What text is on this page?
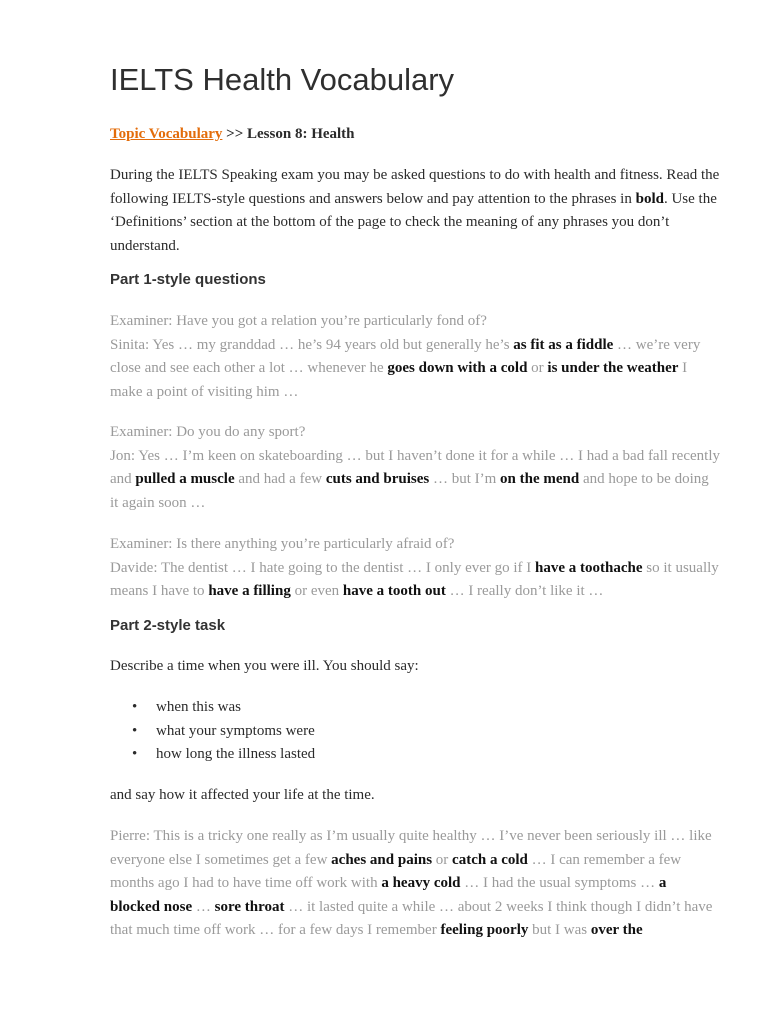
IELTS Health Vocabulary
Topic Vocabulary >> Lesson 8: Health

During the IELTS Speaking exam you may be asked questions to do with health and fitness. Read the following IELTS-style questions and answers below and pay attention to the phrases in bold. Use the ‘Definitions’ section at the bottom of the page to check the meaning of any phrases you don’t understand.

Part 1-style questions

Examiner: Have you got a relation you’re particularly fond of?
Sinita: Yes … my granddad … he’s 94 years old but generally he’s as fit as a fiddle … we’re very close and see each other a lot … whenever he goes down with a cold or is under the weather I make a point of visiting him …

Examiner: Do you do any sport?
Jon: Yes … I’m keen on skateboarding … but I haven’t done it for a while … I had a bad fall recently and pulled a muscle and had a few cuts and bruises … but I’m on the mend and hope to be doing it again soon …

Examiner: Is there anything you’re particularly afraid of?
Davide: The dentist … I hate going to the dentist … I only ever go if I have a toothache so it usually means I have to have a filling or even have a tooth out … I really don’t like it …

Part 2-style task

Describe a time when you were ill. You should say:

• when this was
• what your symptoms were
• how long the illness lasted

and say how it affected your life at the time.

Pierre: This is a tricky one really as I’m usually quite healthy … I’ve never been seriously ill … like everyone else I sometimes get a few aches and pains or catch a cold … I can remember a few months ago I had to have time off work with a heavy cold … I had the usual symptoms … a blocked nose … sore throat … it lasted quite a while … about 2 weeks I think though I didn’t have that much time off work … for a few days I remember feeling poorly but I was over the
